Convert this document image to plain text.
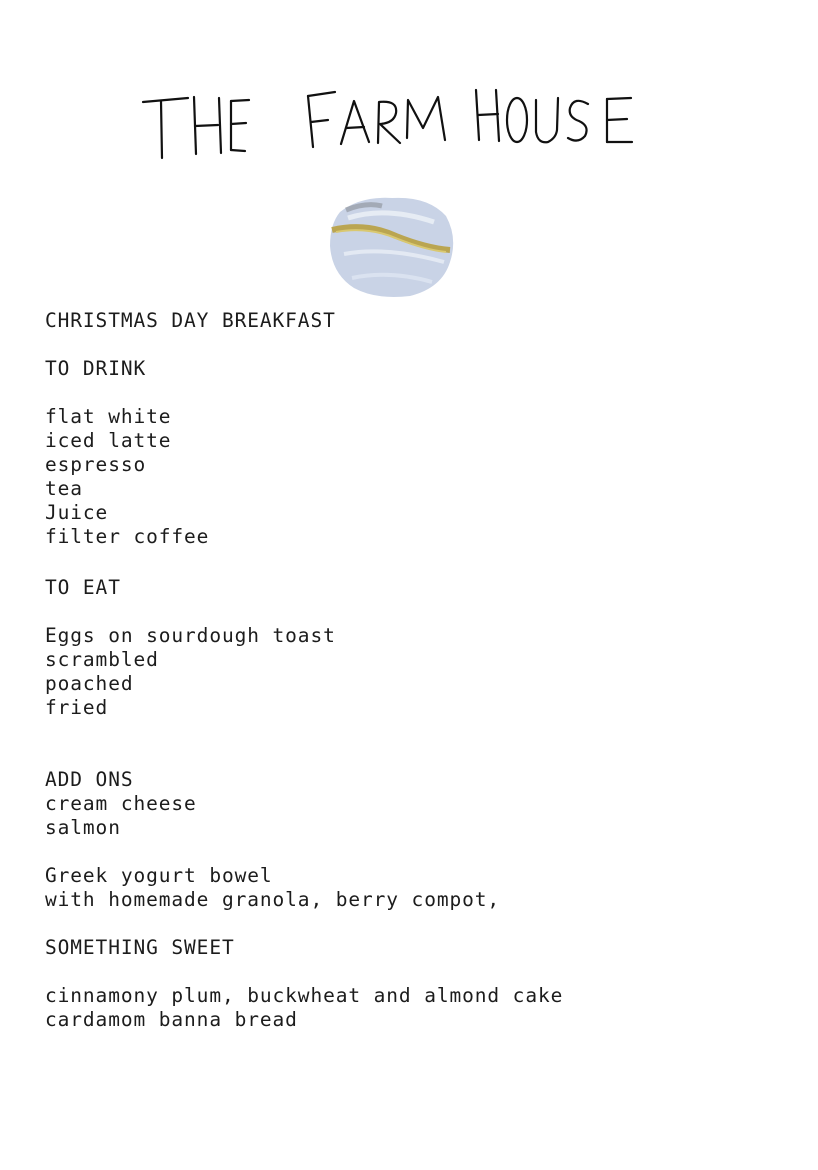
CHRISTMAS DAY BREAKFAST
TO DRINK
flat white
iced latte
espresso
tea
Juice
filter coffee
TO EAT
Eggs on sourdough toast
scrambled
poached
fried
ADD ONS
cream cheese
salmon
Greek yogurt bowel
with homemade granola, berry compot,
SOMETHING SWEET
cinnamony plum, buckwheat and almond cake
cardamom banna bread
